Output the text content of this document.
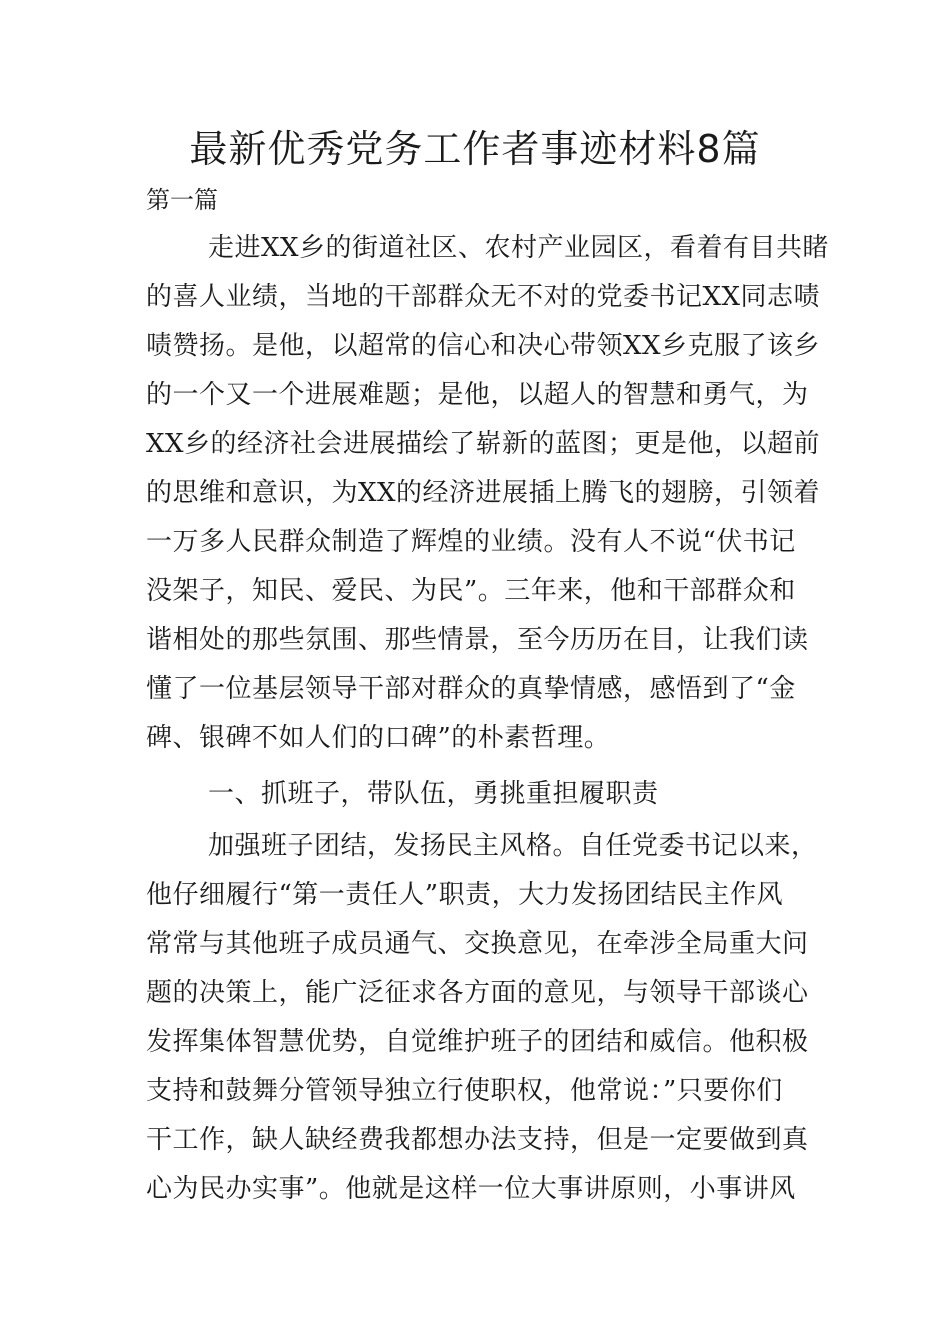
最新优秀党务工作者事迹材料8篇
第一篇
走进XX乡的街道社区、农村产业园区，看着有目共睹
的喜人业绩，当地的干部群众无不对的党委书记XX同志啧
啧赞扬。是他，以超常的信心和决心带领XX乡克服了该乡
的一个又一个进展难题；是他，以超人的智慧和勇气，为
XX乡的经济社会进展描绘了崭新的蓝图；更是他，以超前
的思维和意识，为XX的经济进展插上腾飞的翅膀，引领着
一万多人民群众制造了辉煌的业绩。没有人不说“伏书记
没架子，知民、爱民、为民”。三年来，他和干部群众和
谐相处的那些氛围、那些情景，至今历历在目，让我们读
懂了一位基层领导干部对群众的真挚情感，感悟到了“金
碑、银碑不如人们的口碑”的朴素哲理。
一、抓班子，带队伍，勇挑重担履职责
加强班子团结，发扬民主风格。自任党委书记以来，
他仔细履行“第一责任人”职责，大力发扬团结民主作风
常常与其他班子成员通气、交换意见，在牵涉全局重大问
题的决策上，能广泛征求各方面的意见，与领导干部谈心
发挥集体智慧优势，自觉维护班子的团结和威信。他积极
支持和鼓舞分管领导独立行使职权，他常说：”只要你们
干工作，缺人缺经费我都想办法支持，但是一定要做到真
心为民办实事”。他就是这样一位大事讲原则，小事讲风
